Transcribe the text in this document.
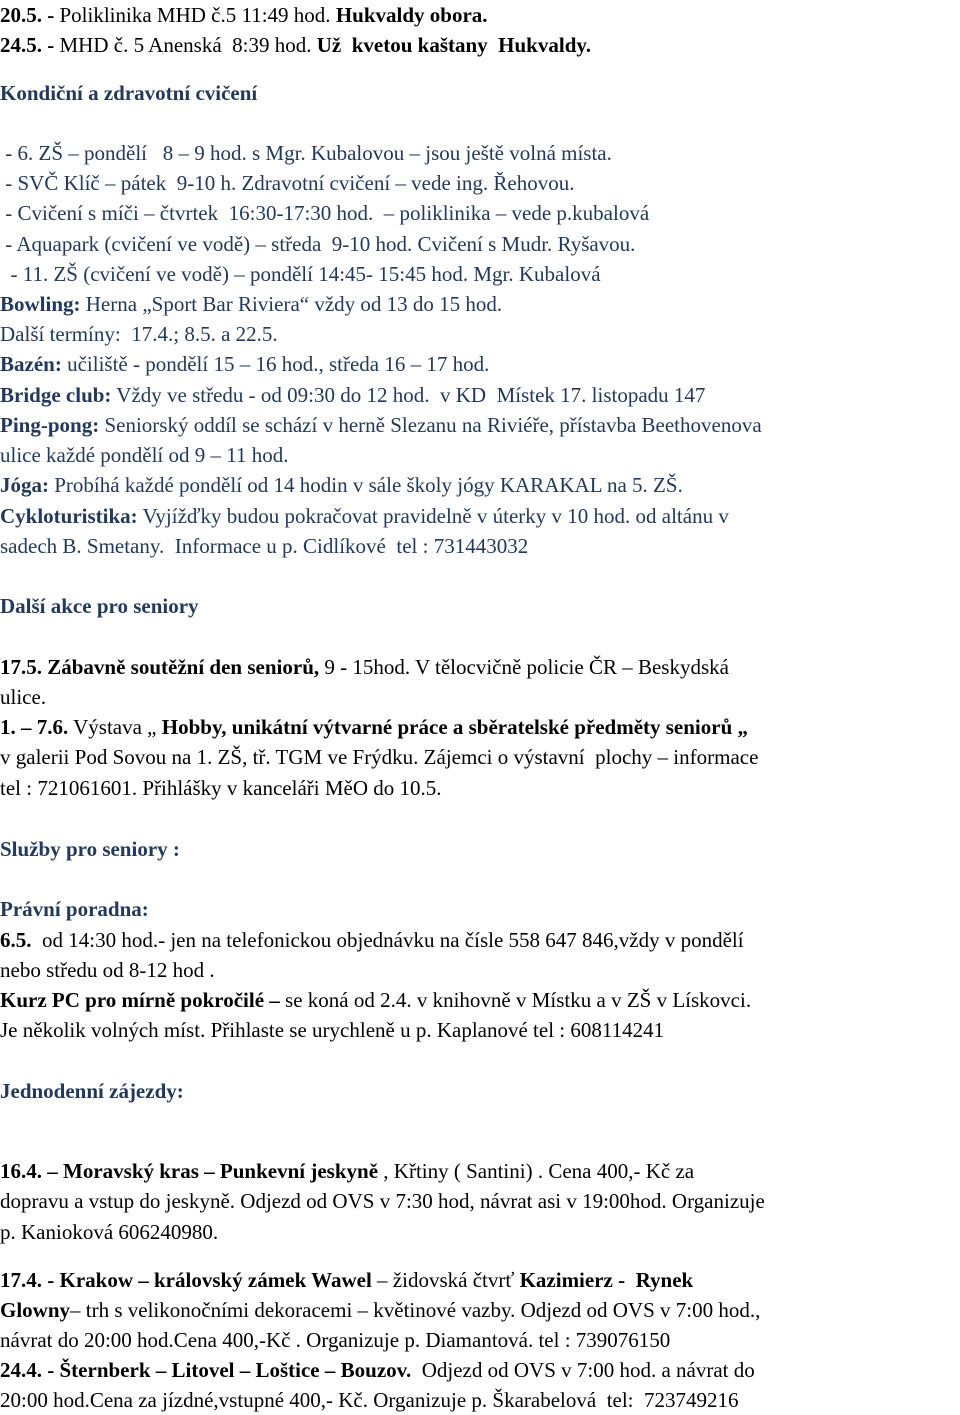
20.5. - Poliklinika MHD č.5 11:49 hod. Hukvaldy obora.
24.5. - MHD č. 5 Anenská  8:39 hod. Už  kvetou kaštany  Hukvaldy.
Kondiční a zdravotní cvičení
- 6. ZŠ – pondělí   8 – 9 hod. s Mgr. Kubalovou – jsou ještě volná místa.
- SVČ Klíč – pátek  9-10 h. Zdravotní cvičení – vede ing. Řehovou.
- Cvičení s míči – čtvrtek  16:30-17:30 hod.  – poliklinika – vede p.kubalová
- Aquapark (cvičení ve vodě) – středa  9-10 hod. Cvičení s Mudr. Ryšavou.
- 11. ZŠ (cvičení ve vodě) – pondělí 14:45- 15:45 hod. Mgr. Kubalová
Bowling: Herna „Sport Bar Riviera“ vždy od 13 do 15 hod.
Další termíny:  17.4.; 8.5. a 22.5.
Bazén: učiliště - pondělí 15 – 16 hod., středa 16 – 17 hod.
Bridge club: Vždy ve středu - od 09:30 do 12 hod.  v KD  Místek 17. listopadu 147
Ping-pong: Seniorský oddíl se schází v herně Slezanu na Riviéře, přístavba Beethovenova
ulice každé pondělí od 9 – 11 hod.
Jóga: Probíhá každé pondělí od 14 hodin v sále školy jógy KARAKAL na 5. ZŠ.
Cykloturistika: Vyjížďky budou pokračovat pravidelně v úterky v 10 hod. od altánu v
sadech B. Smetany.  Informace u p. Cidlíkové  tel : 731443032
Další akce pro seniory
17.5. Zábavně soutěžní den seniorů, 9 - 15hod. V tělocvičně policie ČR – Beskydská
ulice.
1. – 7.6. Výstava „ Hobby, unikátní výtvarné práce a sběratelské předměty seniorů „
v galerii Pod Sovou na 1. ZŠ, tř. TGM ve Frýdku. Zájemci o výstavní  plochy – informace
tel : 721061601. Přihlášky v kanceláři MěO do 10.5.
Služby pro seniory :
Právní poradna:
6.5.  od 14:30 hod.- jen na telefonickou objednávku na čísle 558 647 846,vždy v pondělí
nebo středu od 8-12 hod .
Kurz PC pro mírně pokročilé – se koná od 2.4. v knihovně v Místku a v ZŠ v Lískovci.
Je několik volných míst. Přihlaste se urychleně u p. Kaplanové tel : 608114241
Jednodenní zájezdy:
16.4. – Moravský kras – Punkevní jeskyně , Křtiny ( Santini) . Cena 400,- Kč za
dopravu a vstup do jeskyně. Odjezd od OVS v 7:30 hod, návrat asi v 19:00hod. Organizuje
p. Kanioková 606240980.
17.4. - Krakow – královský zámek Wawel – židovská čtvrť Kazimierz -  Rynek
Glowny– trh s velikonočními dekoracemi – květinové vazby. Odjezd od OVS v 7:00 hod.,
návrat do 20:00 hod.Cena 400,-Kč . Organizuje p. Diamantová. tel : 739076150
24.4. - Šternberk – Litovel – Loštice – Bouzov.  Odjezd od OVS v 7:00 hod. a návrat do
20:00 hod.Cena za jízdné,vstupné 400,- Kč. Organizuje p. Škarabelová  tel:  723749216
